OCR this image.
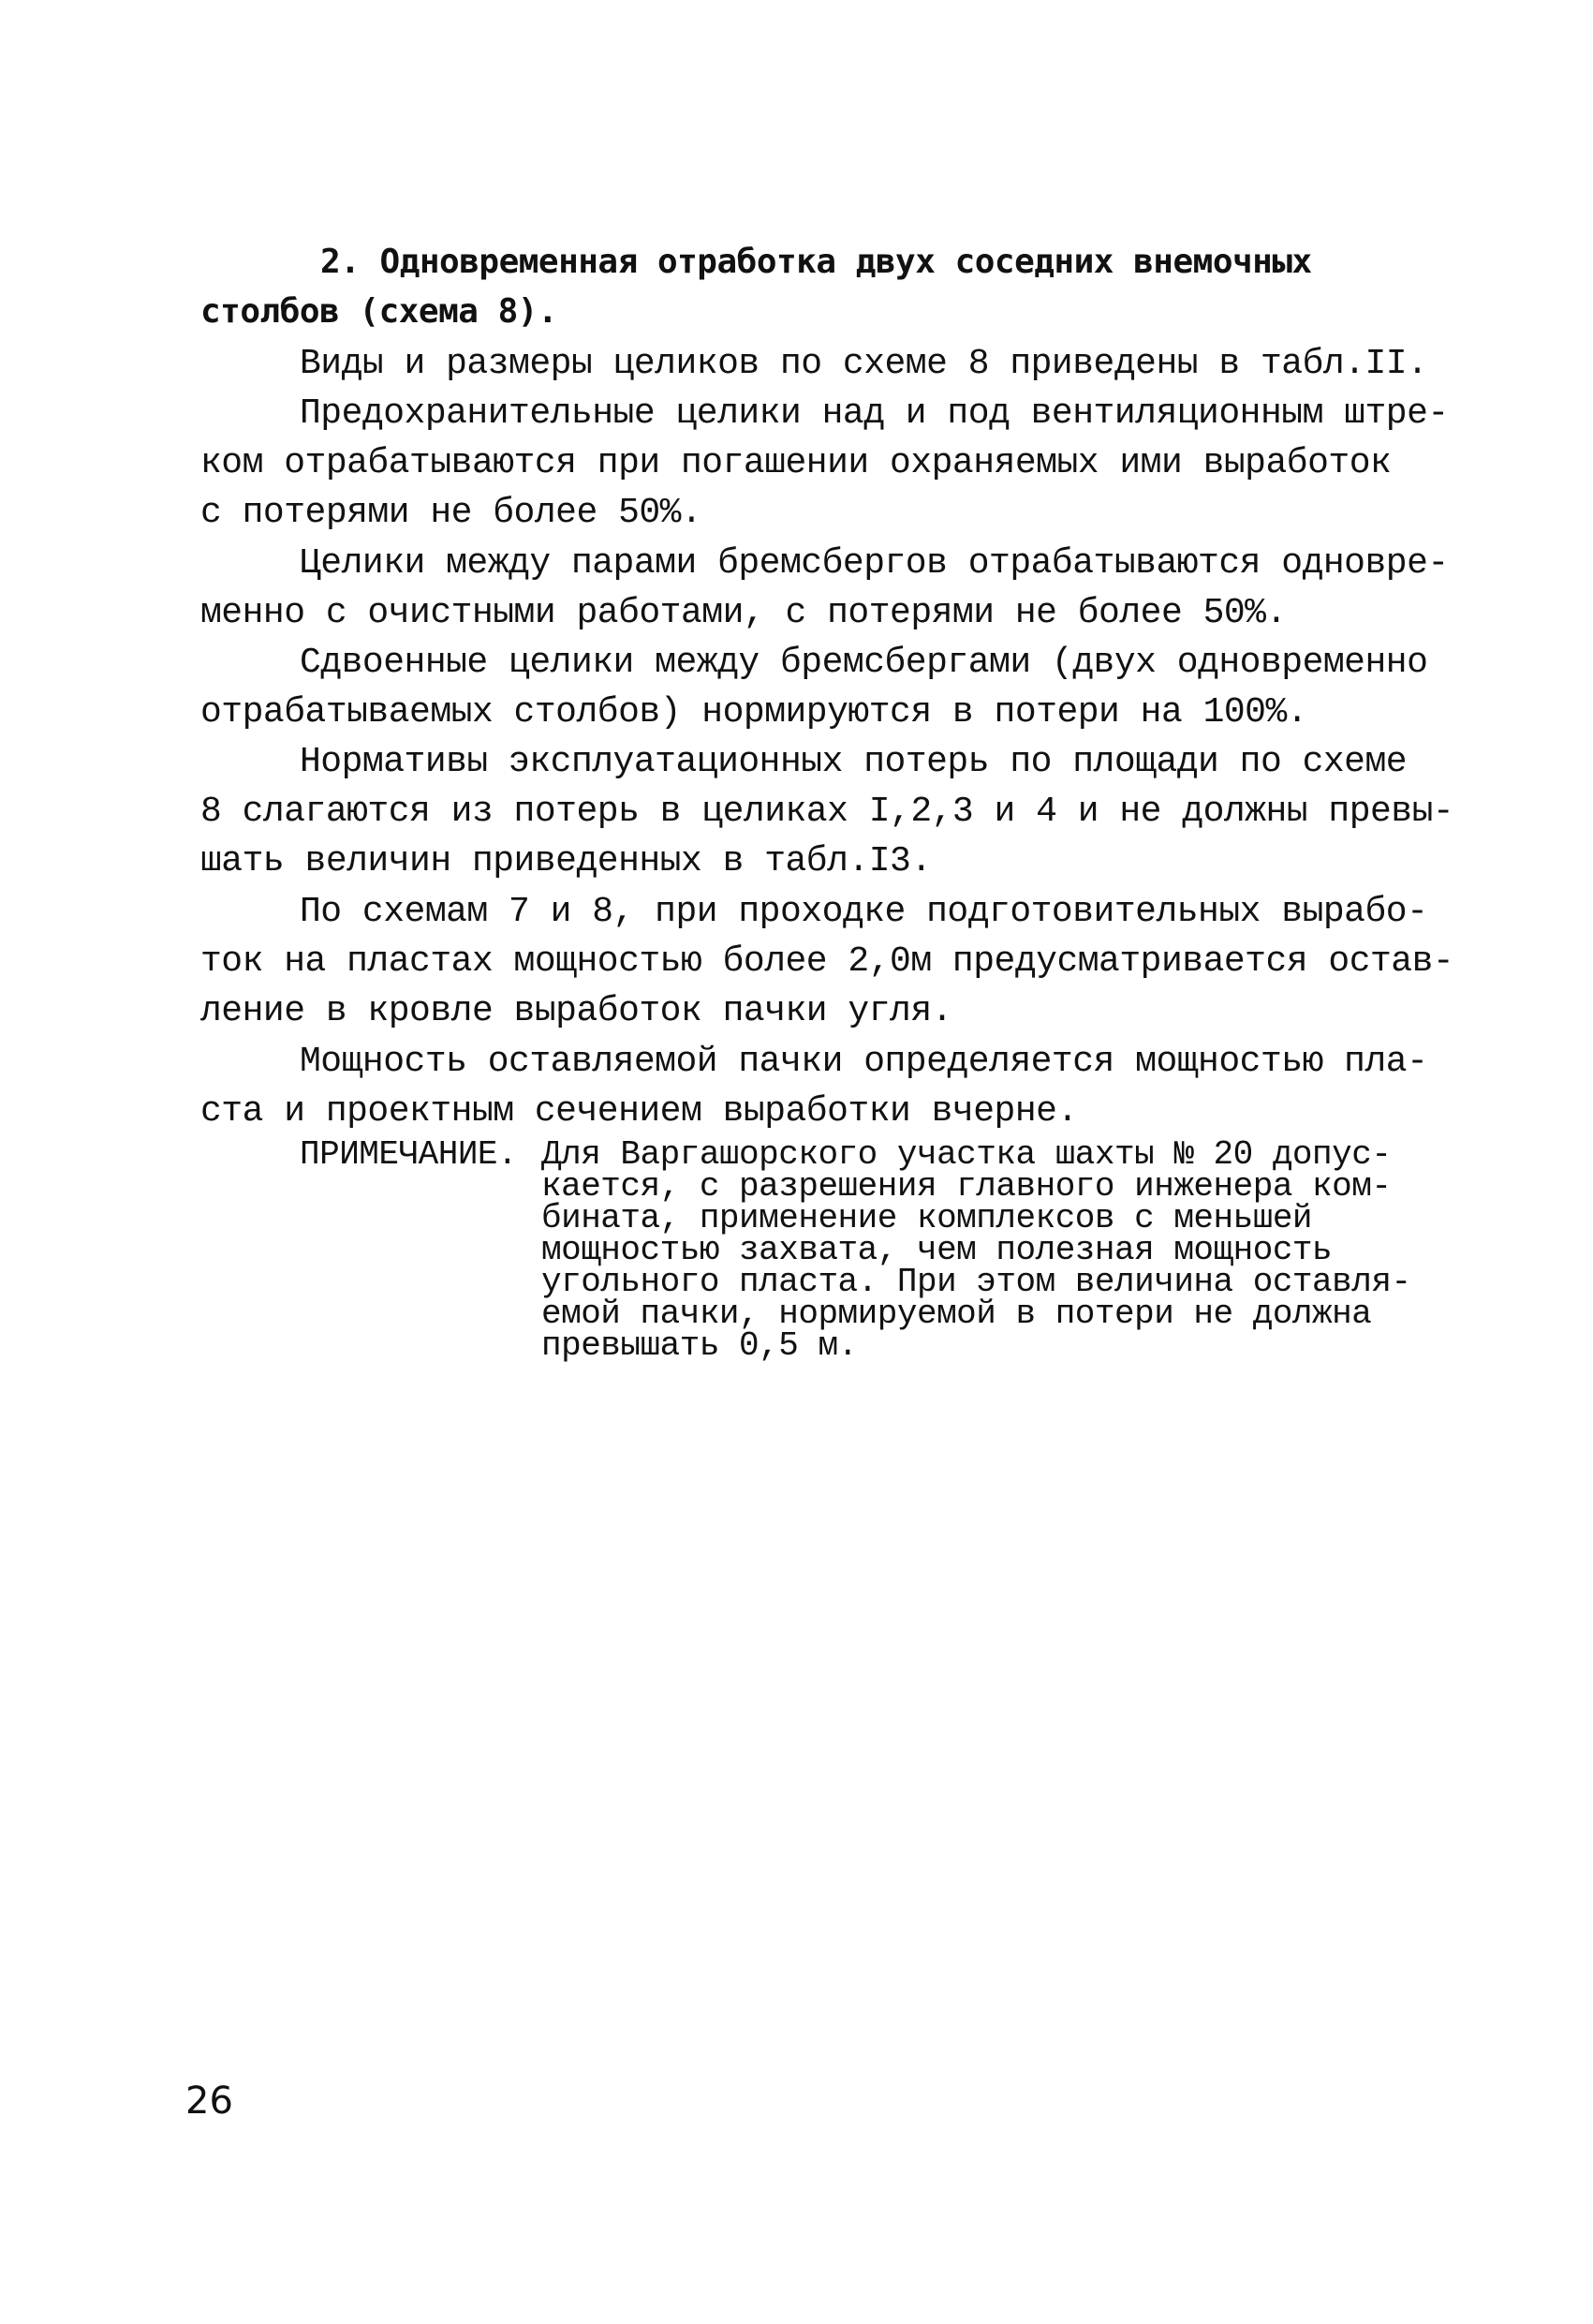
2. Одновременная отработка двух соседних внемочных
столбов (схема 8).
Виды и размеры целиков по схеме 8 приведены в табл.II.
Предохранительные целики над и под вентиляционным штре-
ком отрабатываются при погашении охраняемых ими выработок
с потерями не более 50%.
Целики между парами бремсбергов отрабатываются одновре-
менно с очистными работами, с потерями не более 50%.
Сдвоенные целики между бремсбергами (двух одновременно
отрабатываемых столбов) нормируются в потери на 100%.
Нормативы эксплуатационных потерь по площади по схеме
8 слагаются из потерь в целиках I,2,3 и 4 и не должны превы-
шать величин приведенных в табл.I3.
По схемам 7 и 8, при проходке подготовительных вырабо-
ток на пластах мощностью более 2,0м предусматривается остав-
ление в кровле выработок пачки угля.
Мощность оставляемой пачки определяется мощностью пла-
ста и проектным сечением выработки вчерне.
ПРИМЕЧАНИЕ. Для Варгашорского участка шахты № 20 допус-
кается, с разрешения главного инженера ком-
бината, применение комплексов с меньшей
мощностью захвата, чем полезная мощность
угольного пласта. При этом величина оставля-
емой пачки, нормируемой в потери не должна
превышать 0,5 м.
26
